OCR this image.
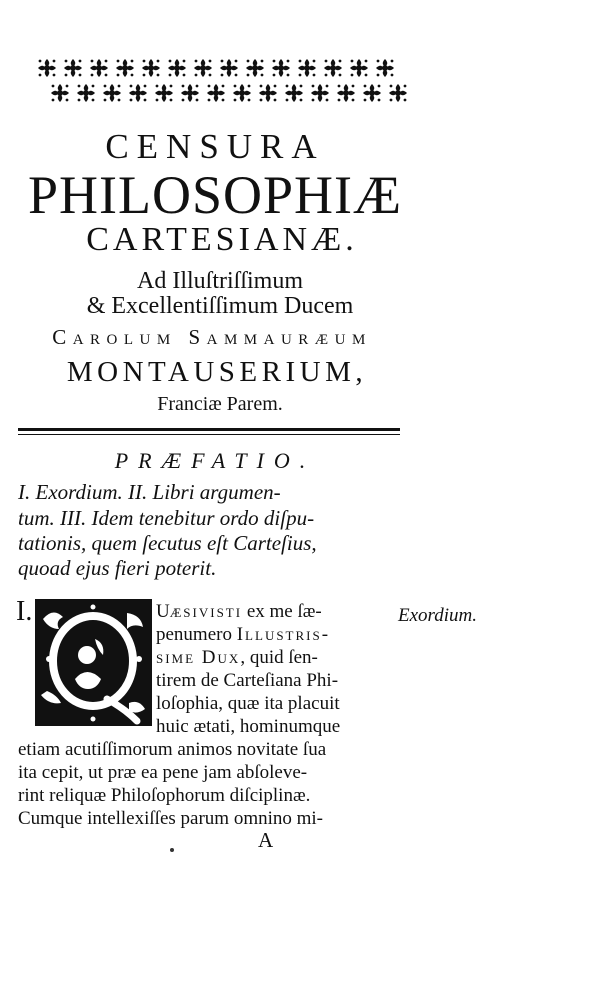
CENSURA
PHILOSOPHIÆ
CARTESIANÆ.
Ad Illuſtriſſimum
& Excellentiſſimum Ducem
Carolum Sammauræum
MONTAUSERIUM,
Franciæ Parem.
PRÆFATIO.
I. Exordium. II. Libri argumen-
tum. III. Idem tenebitur ordo diſpu-
tationis, quem ſecutus eſt Carteſius,
quoad ejus fieri poterit.
I.	Uæsivisti ex me ſæ-
penumero Illustris-
sime Dux, quid ſen-
tirem de Carteſiana Phi-
loſophia, quæ ita placuit
huic ætati, hominumque
etiam acutiſſimorum animos novitate ſua
ita cepit, ut præ ea pene jam abſoleve-
rint reliquæ Philoſophorum diſciplinæ.
Cumque intellexiſſes parum omnino mi-
Exordium.
A
